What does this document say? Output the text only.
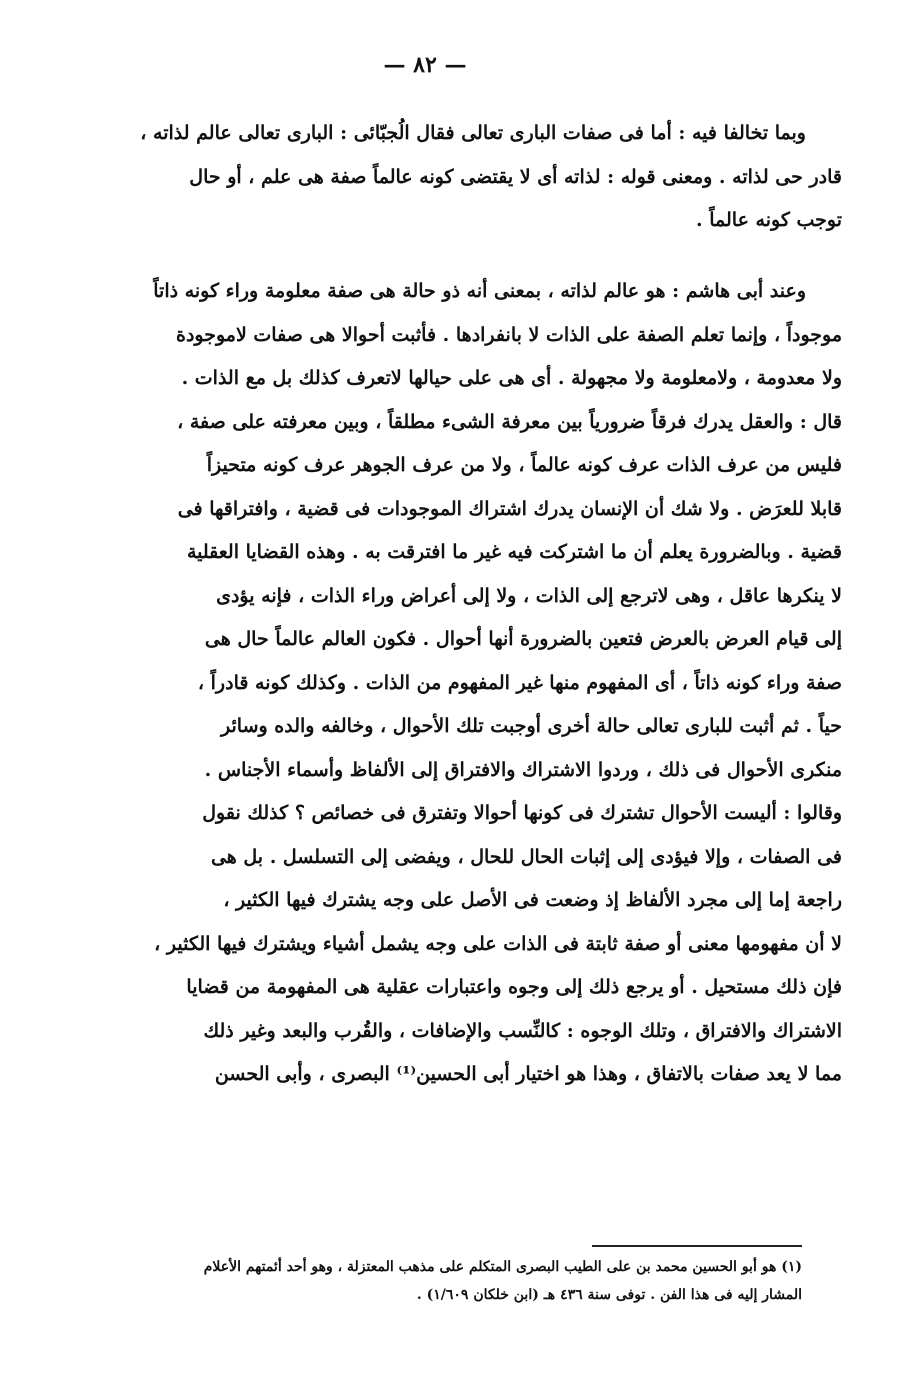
— ٨٢ —
وبما تخالفا فيه : أما فى صفات البارى تعالى فقال الُجبّائى : البارى تعالى عالم لذاته ،
قادر حى لذاته . ومعنى قوله : لذاته أى لا يقتضى كونه عالماً صفة هى علم ، أو حال
توجب كونه عالماً .
وعند أبى هاشم : هو عالم لذاته ، بمعنى أنه ذو حالة هى صفة معلومة وراء كونه ذاتاً
موجوداً ، وإنما تعلم الصفة على الذات لا بانفرادها . فأثبت أحوالا هى صفات لاموجودة
ولا معدومة ، ولامعلومة ولا مجهولة . أى هى على حيالها لاتعرف كذلك بل مع الذات .
قال : والعقل يدرك فرقاً ضرورياً بين معرفة الشىء مطلقاً ، وبين معرفته على صفة ،
فليس من عرف الذات عرف كونه عالماً ، ولا من عرف الجوهر عرف كونه متحيزاً
قابلا للعرَض . ولا شك أن الإنسان يدرك اشتراك الموجودات فى قضية ، وافتراقها فى
قضية . وبالضرورة يعلم أن ما اشتركت فيه غير ما افترقت به . وهذه القضايا العقلية
لا ينكرها عاقل ، وهى لاترجع إلى الذات ، ولا إلى أعراض وراء الذات ، فإنه يؤدى
إلى قيام العرض بالعرض فتعين بالضرورة أنها أحوال . فكون العالم عالماً حال هى
صفة وراء كونه ذاتاً ، أى المفهوم منها غير المفهوم من الذات . وكذلك كونه قادراً ،
حياً . ثم أثبت للبارى تعالى حالة أخرى أوجبت تلك الأحوال ، وخالفه والده وسائر
منكرى الأحوال فى ذلك ، وردوا الاشتراك والافتراق إلى الألفاظ وأسماء الأجناس .
وقالوا : أليست الأحوال تشترك فى كونها أحوالا وتفترق فى خصائص ؟ كذلك نقول
فى الصفات ، وإلا فيؤدى إلى إثبات الحال للحال ، ويفضى إلى التسلسل . بل هى
راجعة إما إلى مجرد الألفاظ إذ وضعت فى الأصل على وجه يشترك فيها الكثير ،
لا أن مفهومها معنى أو صفة ثابتة فى الذات على وجه يشمل أشياء ويشترك فيها الكثير ،
فإن ذلك مستحيل . أو يرجع ذلك إلى وجوه واعتبارات عقلية هى المفهومة من قضايا
الاشتراك والافتراق ، وتلك الوجوه : كالنِّسب والإضافات ، والقُرب والبعد وغير ذلك
مما لا يعد صفات بالاتفاق ، وهذا هو اختيار أبى الحسين⁽¹⁾ البصرى ، وأبى الحسن
(١) هو أبو الحسين محمد بن على الطيب البصرى المتكلم على مذهب المعتزلة ، وهو أحد أئمتهم الأعلام
المشار إليه فى هذا الفن . توفى سنة ٤٣٦ هـ (ابن خلكان ١/٦٠٩) .
